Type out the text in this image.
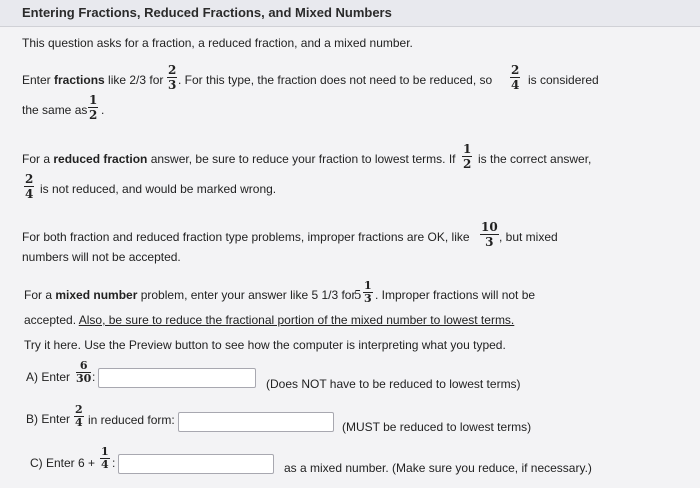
Entering Fractions, Reduced Fractions, and Mixed Numbers
This question asks for a fraction, a reduced fraction, and a mixed number.
Enter fractions like 2/3 for $\frac{2}{3}$ . For this type, the fraction does not need to be reduced, so $\frac{2}{4}$ is considered
the same as $\frac{1}{2}$ .
For a reduced fraction answer, be sure to reduce your fraction to lowest terms. If $\frac{1}{2}$ is the correct answer,
$\frac{2}{4}$ is not reduced, and would be marked wrong.
For both fraction and reduced fraction type problems, improper fractions are OK, like $\frac{10}{3}$ , but mixed
numbers will not be accepted.
For a mixed number problem, enter your answer like 5 1/3 for
$5 \frac{1}{3}$ . Improper fractions will not be
accepted. Also, be sure to reduce the fractional portion of the mixed number to lowest terms.
Try it here. Use the Preview button to see how the computer is interpreting what you typed.
A) Enter $\frac{6}{30}$ :	(Does NOT have to be reduced to lowest terms)
B) Enter $\frac{2}{4}$ in reduced form:	(MUST be reduced to lowest terms)
C) Enter $6 + \frac{1}{4}$ :	as a mixed number. (Make sure you reduce, if necessary.)
